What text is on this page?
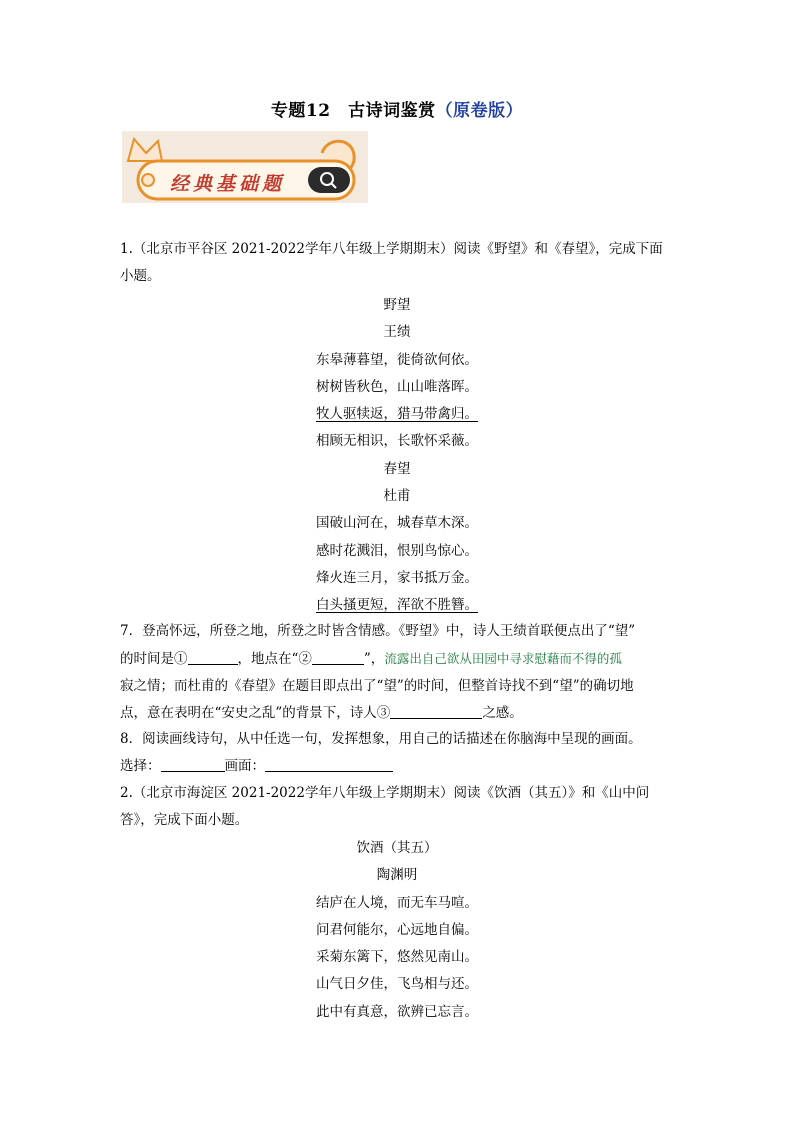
专题12　古诗词鉴赏（原卷版）
经典基础题
1.（北京市平谷区 2021-2022学年八年级上学期期末）阅读《野望》和《春望》，完成下面
小题。
野望
王绩
东皋薄暮望，徙倚欲何依。
树树皆秋色，山山唯落晖。
牧人驱犊返，猎马带禽归。
相顾无相识，长歌怀采薇。
春望
杜甫
国破山河在，城春草木深。
感时花溅泪，恨别鸟惊心。
烽火连三月，家书抵万金。
白头搔更短，浑欲不胜簪。
7．登高怀远，所登之地，所登之时皆含情感。《野望》中，诗人王绩首联便点出了“望”
的时间是①	，地点在“②	”，流露出自己欲从田园中寻求慰藉而不得的孤
寂之情；而杜甫的《春望》在题目即点出了“望”的时间，但整首诗找不到“望”的确切地
点，意在表明在“安史之乱”的背景下，诗人③	之感。
8．阅读画线诗句，从中任选一句，发挥想象，用自己的话描述在你脑海中呈现的画面。
选择：	画面：
2.（北京市海淀区 2021-2022学年八年级上学期期末）阅读《饮酒（其五）》和《山中问
答》，完成下面小题。
饮酒（其五）
陶渊明
结庐在人境，而无车马喧。
问君何能尔，心远地自偏。
采菊东篱下，悠然见南山。
山气日夕佳，飞鸟相与还。
此中有真意，欲辨已忘言。
